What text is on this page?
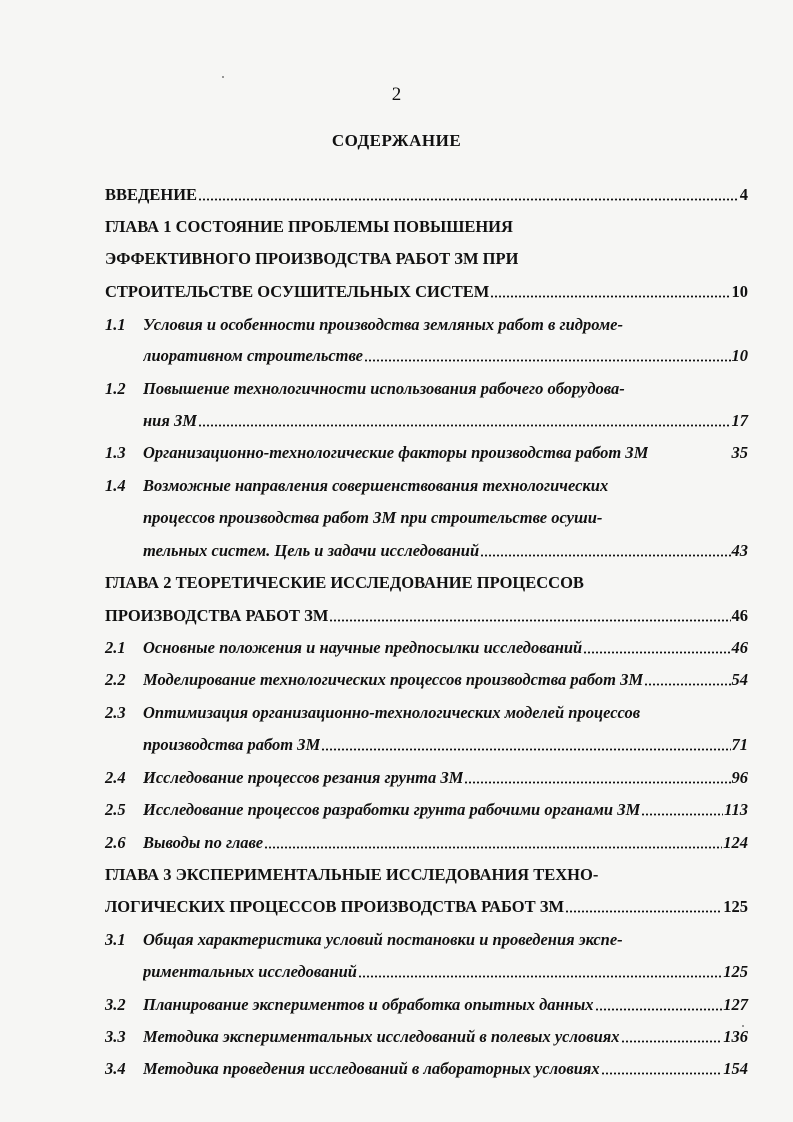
2
СОДЕРЖАНИЕ
ВВЕДЕНИЕ	4
ГЛАВА 1 СОСТОЯНИЕ ПРОБЛЕМЫ ПОВЫШЕНИЯ
ЭФФЕКТИВНОГО ПРОИЗВОДСТВА РАБОТ ЗМ ПРИ
СТРОИТЕЛЬСТВЕ ОСУШИТЕЛЬНЫХ СИСТЕМ	10
1.1	Условия и особенности производства земляных работ в гидроме-
лиоративном строительстве	10
1.2	Повышение технологичности использования рабочего оборудова-
ния ЗМ	17
1.3	Организационно-технологические факторы производства работ ЗМ	35
1.4	Возможные направления совершенствования технологических
процессов производства работ ЗМ при строительстве осуши-
тельных систем. Цель и задачи исследований	43
ГЛАВА 2 ТЕОРЕТИЧЕСКИЕ ИССЛЕДОВАНИЕ ПРОЦЕССОВ
ПРОИЗВОДСТВА РАБОТ ЗМ	46
2.1	Основные положения и научные предпосылки исследований	46
2.2	Моделирование технологических процессов производства работ ЗМ	54
2.3	Оптимизация организационно-технологических моделей процессов
производства работ ЗМ	71
2.4	Исследование процессов резания грунта ЗМ	96
2.5	Исследование процессов разработки грунта рабочими органами ЗМ	113
2.6	Выводы по главе	124
ГЛАВА 3 ЭКСПЕРИМЕНТАЛЬНЫЕ ИССЛЕДОВАНИЯ ТЕХНО-
ЛОГИЧЕСКИХ ПРОЦЕССОВ ПРОИЗВОДСТВА РАБОТ ЗМ	125
3.1	Общая характеристика условий постановки и проведения экспе-
риментальных исследований	125
3.2	Планирование экспериментов и обработка опытных данных	127
3.3	Методика экспериментальных исследований в полевых условиях	136
3.4	Методика проведения исследований в лабораторных условиях	154
